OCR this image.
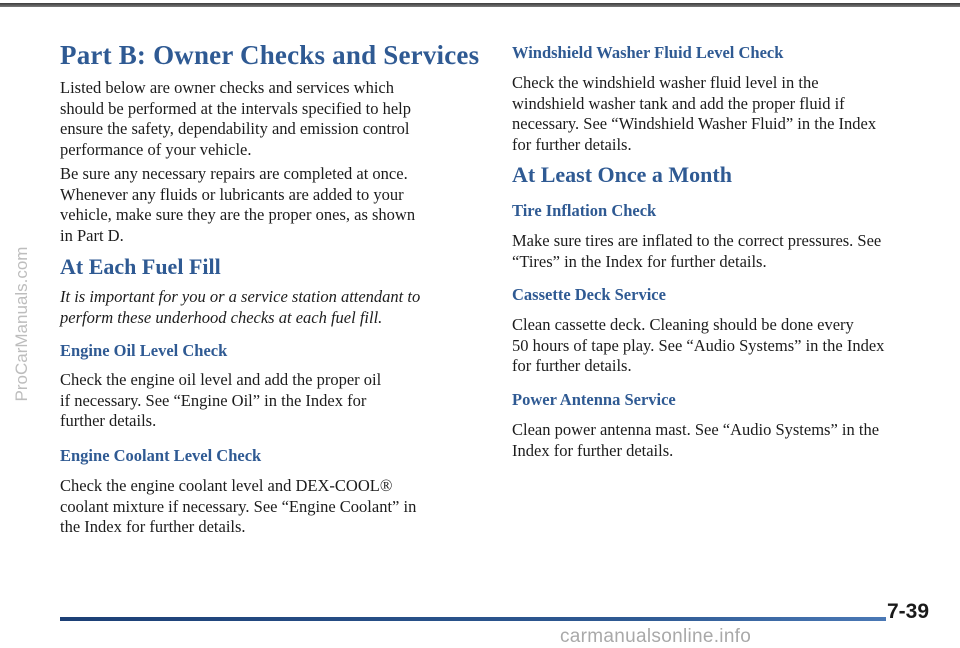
ProCarManuals.com

Part B: Owner Checks and Services

Listed below are owner checks and services which
should be performed at the intervals specified to help
ensure the safety, dependability and emission control
performance of your vehicle.

Be sure any necessary repairs are completed at once.
Whenever any fluids or lubricants are added to your
vehicle, make sure they are the proper ones, as shown
in Part D.

At Each Fuel Fill

It is important for you or a service station attendant to
perform these underhood checks at each fuel fill.

Engine Oil Level Check

Check the engine oil level and add the proper oil
if necessary. See “Engine Oil” in the Index for
further details.

Engine Coolant Level Check

Check the engine coolant level and DEX-COOL®
coolant mixture if necessary. See “Engine Coolant” in
the Index for further details.

Windshield Washer Fluid Level Check

Check the windshield washer fluid level in the
windshield washer tank and add the proper fluid if
necessary. See “Windshield Washer Fluid” in the Index
for further details.

At Least Once a Month
Tire Inflation Check

Make sure tires are inflated to the correct pressures. See
“Tires” in the Index for further details.

Cassette Deck Service

Clean cassette deck. Cleaning should be done every
50 hours of tape play. See “Audio Systems” in the Index
for further details.

Power Antenna Service

Clean power antenna mast. See “Audio Systems” in the
Index for further details.

7-39

carmanualsonline.info
